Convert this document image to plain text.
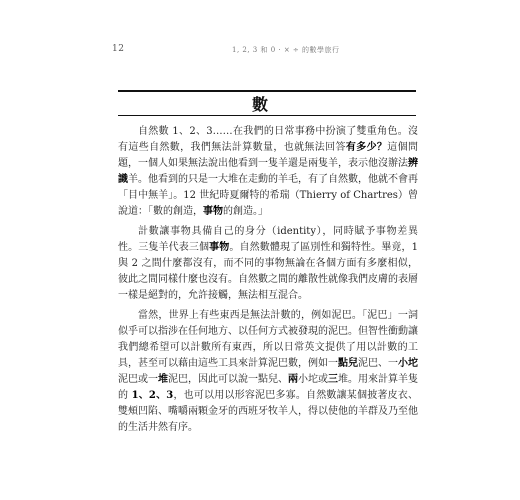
12	1, 2, 3 和 0 · × ÷ 的數學旅行
數

自然數 1、2、3……在我們的日常事務中扮演了雙重角色。沒有這些自然數，我們無法計算數量，也就無法回答有多少？這個問題，一個人如果無法說出他看到一隻羊還是兩隻羊，表示他沒辦法辨識羊。他看到的只是一大堆在走動的羊毛，有了自然數，他就不會再「目中無羊」。12 世紀時夏爾特的希瑞（Thierry of Chartres）曾說道：「數的創造，事物的創造。」

計數讓事物具備自己的身分（identity），同時賦予事物差異性。三隻羊代表三個事物。自然數體現了區別性和獨特性。畢竟，1 與 2 之間什麼都沒有，而不同的事物無論在各個方面有多麼相似，彼此之間同樣什麼也沒有。自然數之間的離散性就像我們皮膚的表層一樣是絕對的，允許接觸，無法相互混合。

當然，世界上有些東西是無法計數的，例如泥巴。「泥巴」一詞似乎可以指涉在任何地方、以任何方式被發現的泥巴。但智性衝動讓我們總希望可以計數所有東西，所以日常英文提供了用以計數的工具，甚至可以藉由這些工具來計算泥巴數，例如一點兒泥巴、一小坨泥巴或一堆泥巴，因此可以說一點兒、兩小坨或三堆。用來計算羊隻的 1、2、3，也可以用以形容泥巴多寡。自然數讓某個披著皮衣、雙頰凹陷、嘴嚼兩顆金牙的西班牙牧羊人，得以使他的羊群及乃至他的生活井然有序。
